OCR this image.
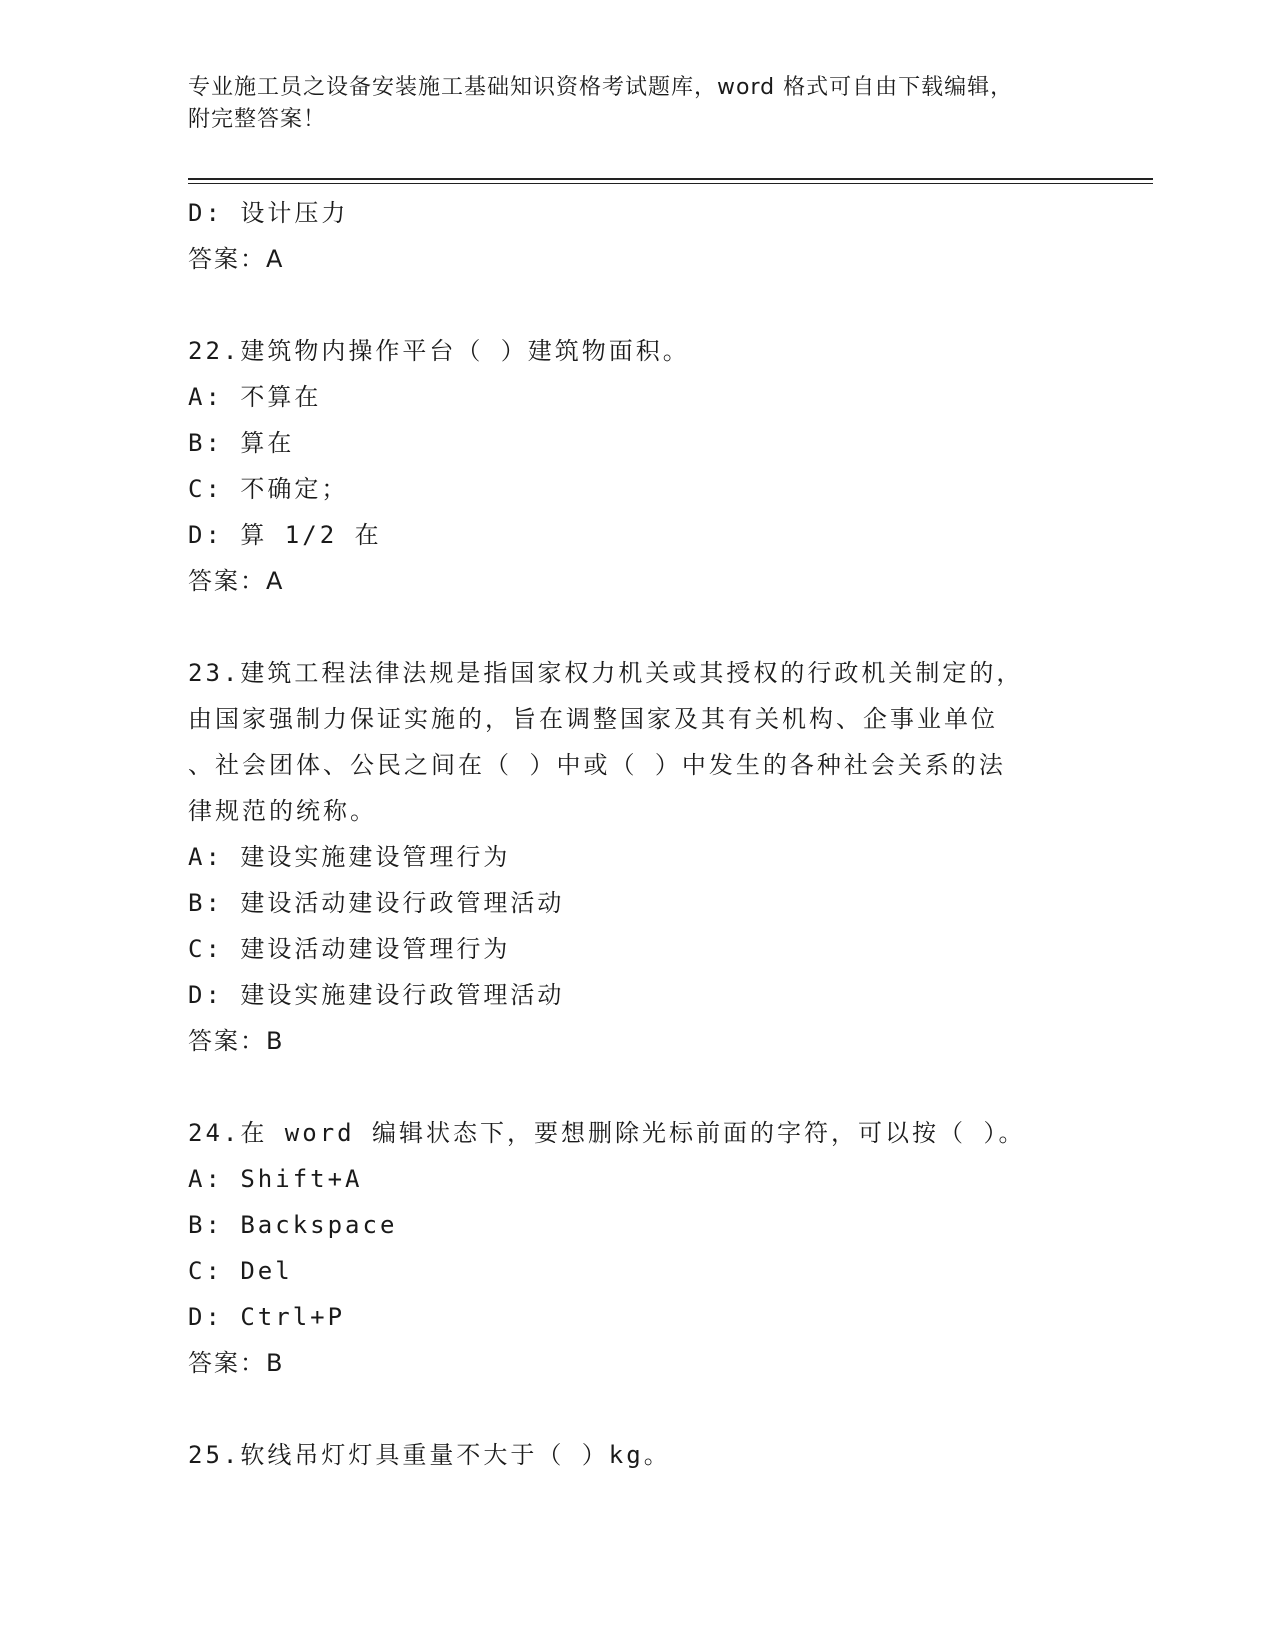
专业施工员之设备安装施工基础知识资格考试题库，word 格式可自由下载编辑，
附完整答案！
D: 设计压力
答案：A
22.建筑物内操作平台（ ）建筑物面积。
A: 不算在
B: 算在
C: 不确定；
D: 算 1/2 在
答案：A
23.建筑工程法律法规是指国家权力机关或其授权的行政机关制定的，
由国家强制力保证实施的，旨在调整国家及其有关机构、企事业单位
、社会团体、公民之间在（ ）中或（ ）中发生的各种社会关系的法
律规范的统称。
A: 建设实施建设管理行为
B: 建设活动建设行政管理活动
C: 建设活动建设管理行为
D: 建设实施建设行政管理活动
答案：B
24.在 word 编辑状态下，要想删除光标前面的字符，可以按（ ）。
A: Shift+A
B: Backspace
C: Del
D: Ctrl+P
答案：B
25.软线吊灯灯具重量不大于（ ）kg。
